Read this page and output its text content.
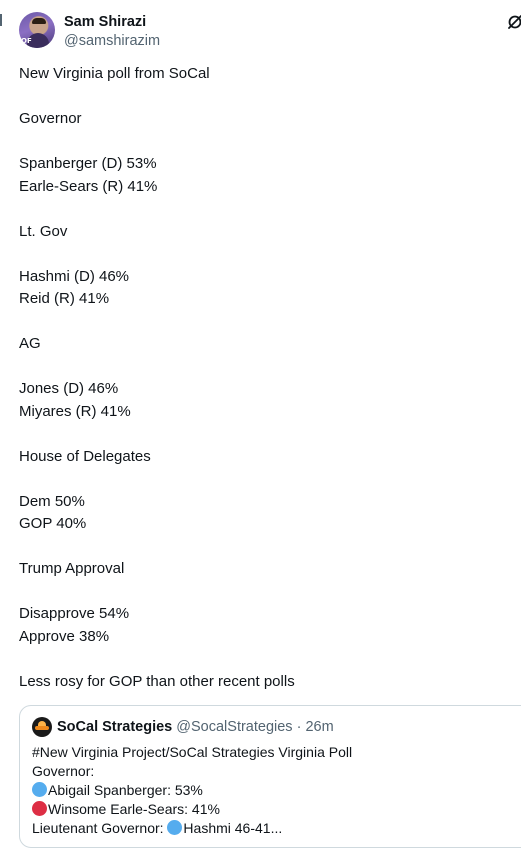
OF
Sam Shirazi
@samshirazim
New Virginia poll from SoCal
Governor
Spanberger (D) 53%
Earle-Sears (R) 41%
Lt. Gov
Hashmi (D) 46%
Reid (R) 41%
AG
Jones (D) 46%
Miyares (R) 41%
House of Delegates
Dem 50%
GOP 40%
Trump Approval
Disapprove 54%
Approve 38%
Less rosy for GOP than other recent polls
SoCal Strategies @SocalStrategies · 26m
#New Virginia Project/SoCal Strategies Virginia Poll
Governor:
Abigail Spanberger: 53%
Winsome Earle-Sears: 41%
Lieutenant Governor: Hashmi 46-41...
